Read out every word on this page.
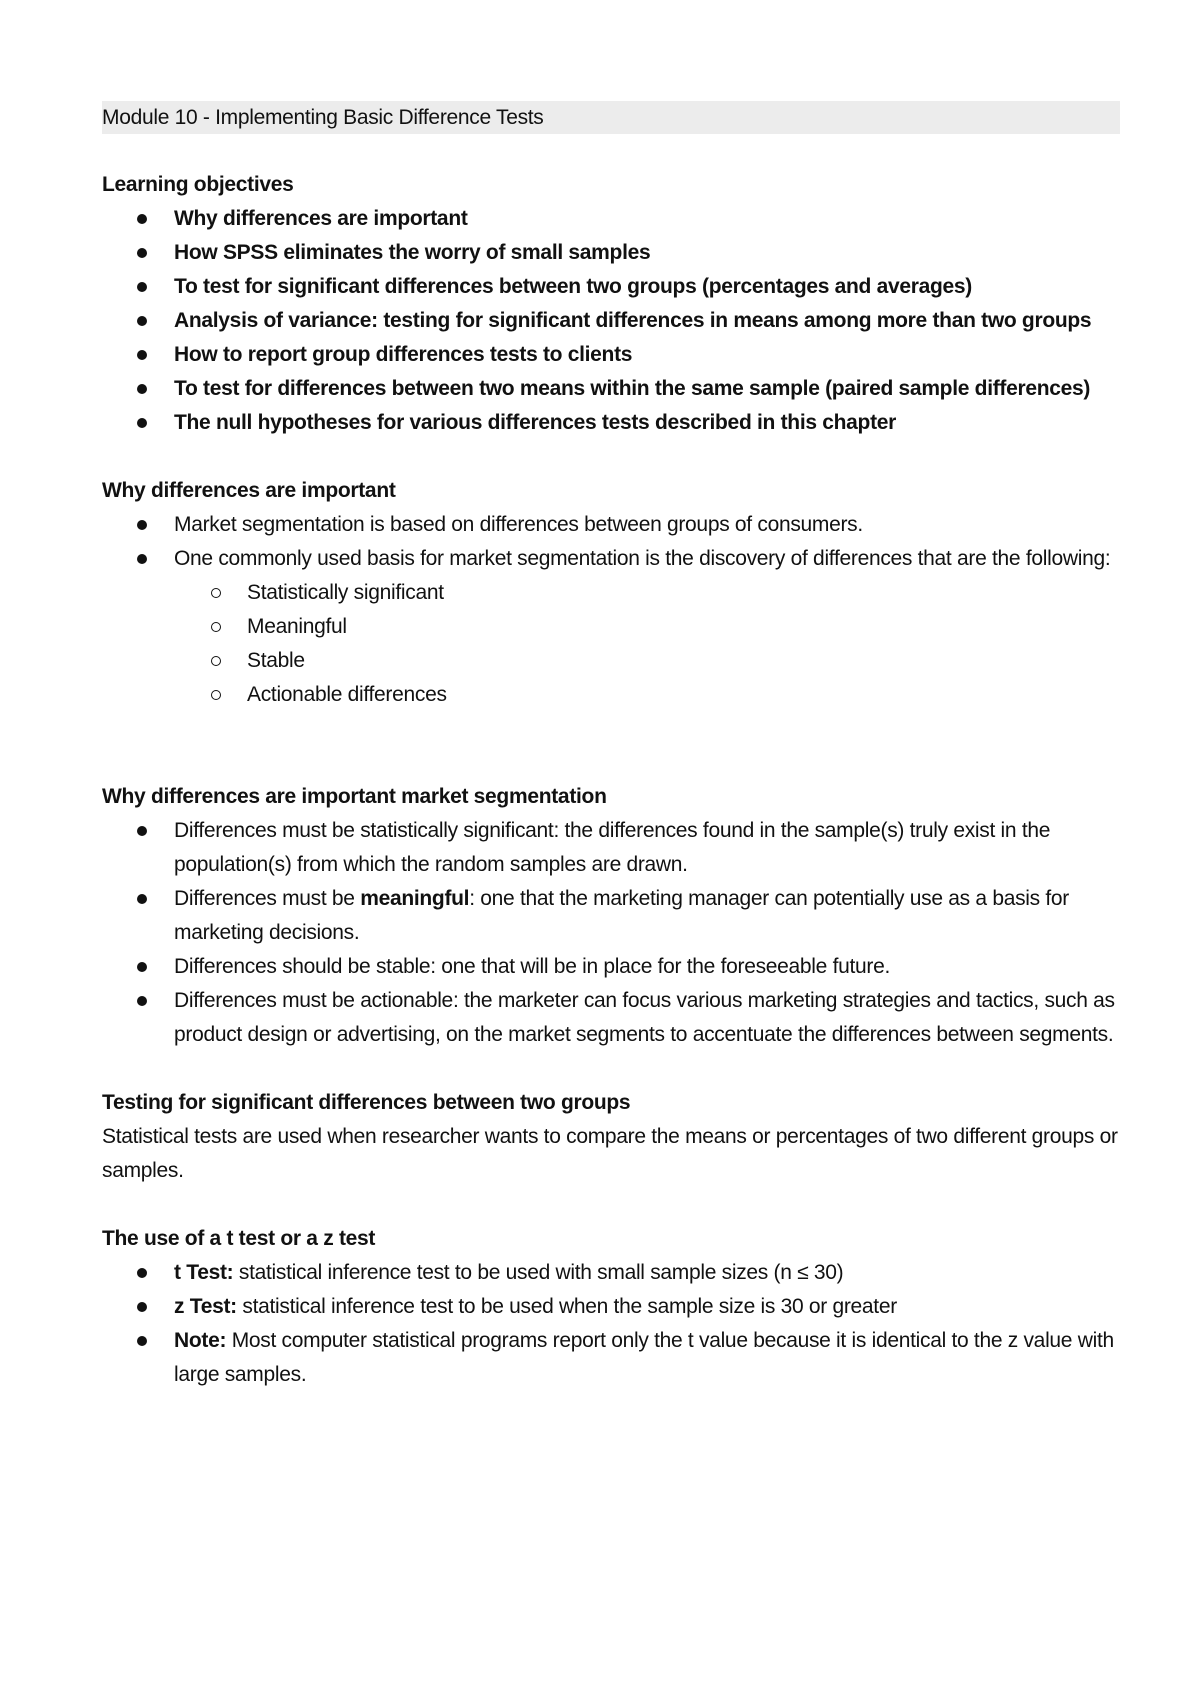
Module 10 - Implementing Basic Difference Tests

Learning objectives

Why differences are important
How SPSS eliminates the worry of small samples
To test for significant differences between two groups (percentages and averages)
Analysis of variance: testing for significant differences in means among more than two groups
How to report group differences tests to clients
To test for differences between two means within the same sample (paired sample differences)
The null hypotheses for various differences tests described in this chapter

Why differences are important

Market segmentation is based on differences between groups of consumers.
One commonly used basis for market segmentation is the discovery of differences that are the following:
Statistically significant
Meaningful
Stable
Actionable differences

Why differences are important market segmentation

Differences must be statistically significant: the differences found in the sample(s) truly exist in the population(s) from which the random samples are drawn.
Differences must be meaningful: one that the marketing manager can potentially use as a basis for marketing decisions.
Differences should be stable: one that will be in place for the foreseeable future.
Differences must be actionable: the marketer can focus various marketing strategies and tactics, such as product design or advertising, on the market segments to accentuate the differences between segments.

Testing for significant differences between two groups

Statistical tests are used when researcher wants to compare the means or percentages of two different groups or samples.

The use of a t test or a z test

t Test: statistical inference test to be used with small sample sizes (n ≤ 30)
z Test: statistical inference test to be used when the sample size is 30 or greater
Note: Most computer statistical programs report only the t value because it is identical to the z value with large samples.
